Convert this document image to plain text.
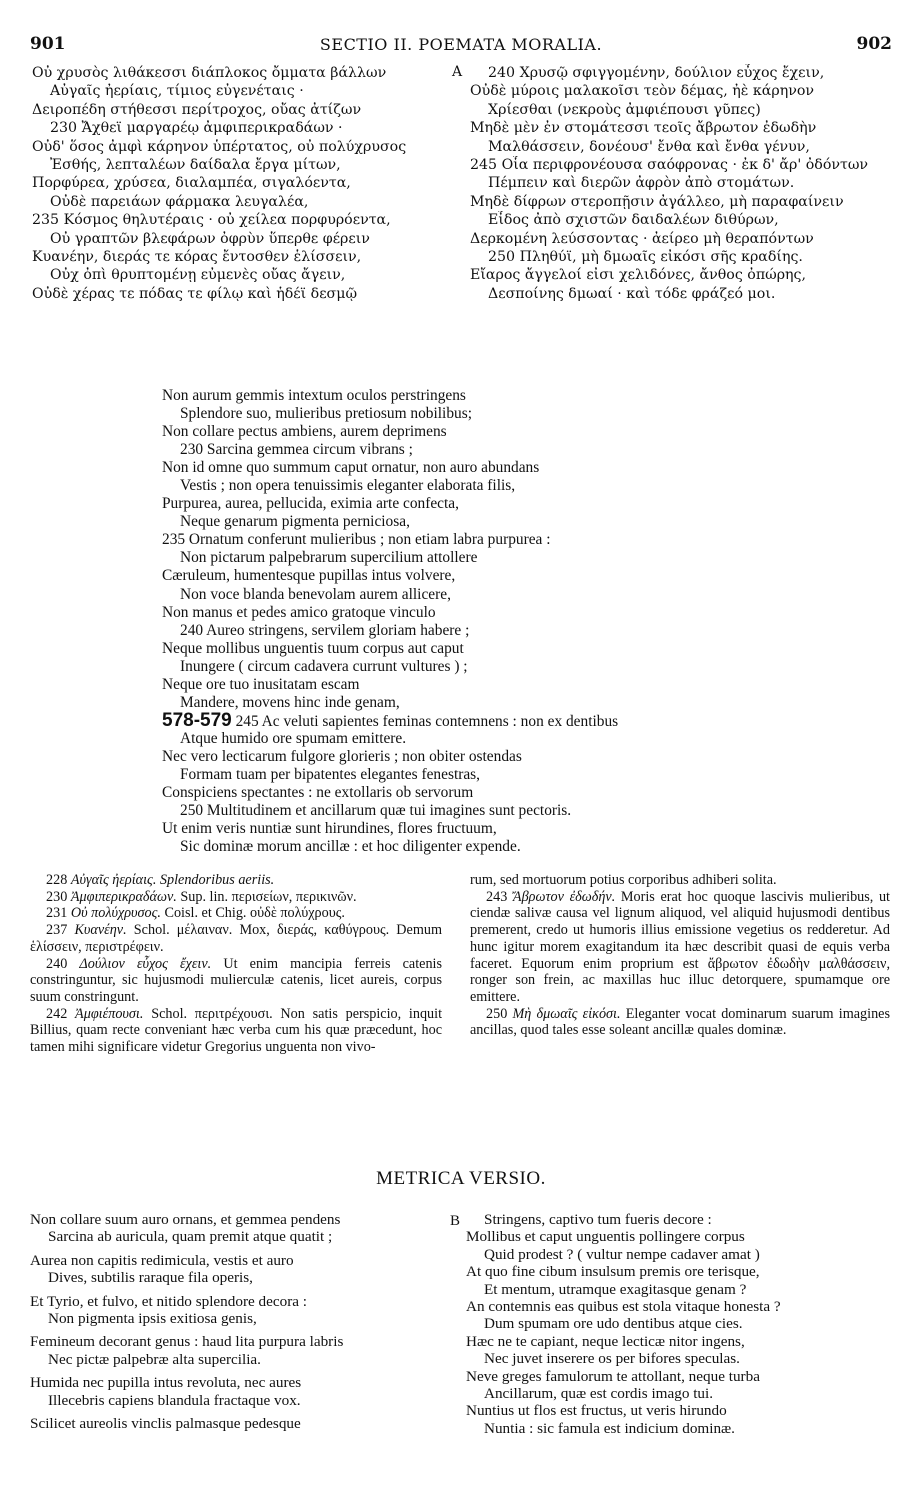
901	SECTIO II. POEMATA MORALIA.	902
Οὐ χρυσὸς λιθάκεσσι διάπλοκος ὄμματα βάλλων
Αὐγαῖς ἠερίαις, τίμιος εὐγενέταις ·
Δειροπέδη στήθεσσι περίτροχος, οὔας ἀτίζων
230 Ἄχθεϊ μαργαρέῳ ἀμφιπερικραδάων ·
Οὐδ' ὅσος ἀμφὶ κάρηνον ὑπέρτατος, οὐ πολύχρυσος
Ἐσθής, λεπταλέων δαίδαλα ἔργα μίτων,
Πορφύρεα, χρύσεα, διαλαμπέα, σιγαλόεντα,
Οὐδὲ παρειάων φάρμακα λευγαλέα,
235 Κόσμος θηλυτέραις · οὐ χείλεα πορφυρόεντα,
Οὐ γραπτῶν βλεφάρων ὀφρὺν ὕπερθε φέρειν
Κυανέην, διεράς τε κόρας ἔντοσθεν ἑλίσσειν,
Οὐχ ὀπὶ θρυπτομένῃ εὐμενὲς οὔας ἄγειν,
Οὐδὲ χέρας τε πόδας τε φίλῳ καὶ ἡδέϊ δεσμῷ
A	240 Χρυσῷ σφιγγομένην, δούλιον εὖχος ἔχειν,
Οὐδὲ μύροις μαλακοῖσι τεὸν δέμας, ἠὲ κάρηνον
Χρίεσθαι (νεκροὺς ἀμφιέπουσι γῦπες)
Μηδὲ μὲν ἐν στομάτεσσι τεοῖς ἄβρωτον ἐδωδὴν
Μαλθάσσειν, δονέουσ' ἔνθα καὶ ἔνθα γένυν,
245 Οἷα περιφρονέουσα σαόφρονας · ἐκ δ' ἄρ' ὀδόντων
Πέμπειν καὶ διερῶν ἀφρὸν ἀπὸ στομάτων.
Μηδὲ δίφρων στεροπῇσιν ἀγάλλεο, μὴ παραφαίνειν
Εἶδος ἀπὸ σχιστῶν δαιδαλέων διθύρων,
Δερκομένη λεύσσοντας · ἀείρεο μὴ θεραπόντων
250 Πληθύϊ, μὴ δμωαῖς εἰκόσι σῆς κραδίης.
Εἴαρος ἄγγελοί εἰσι χελιδόνες, ἄνθος ὀπώρης,
Δεσποίνης δμωαί · καὶ τόδε φράζεό μοι.
Non aurum gemmis intextum oculos perstringens
Splendore suo, mulieribus pretiosum nobilibus;
Non collare pectus ambiens, aurem deprimens
230 Sarcina gemmea circum vibrans ;
Non id omne quo summum caput ornatur, non auro abundans
Vestis ; non opera tenuissimis eleganter elaborata filis,
Purpurea, aurea, pellucida, eximia arte confecta,
Neque genarum pigmenta perniciosa,
235 Ornatum conferunt mulieribus ; non etiam labra purpurea :
Non pictarum palpebrarum supercilium attollere
Cæruleum, humentesque pupillas intus volvere,
Non voce blanda benevolam aurem allicere,
Non manus et pedes amico gratoque vinculo
240 Aureo stringens, servilem gloriam habere ;
Neque mollibus unguentis tuum corpus aut caput
Inungere ( circum cadavera currunt vultures ) ;
Neque ore tuo inusitatam escam
Mandere, movens hinc inde genam,
578-579 245 Ac veluti sapientes feminas contemnens : non ex dentibus
Atque humido ore spumam emittere.
Nec vero lecticarum fulgore glorieris ; non obiter ostendas
Formam tuam per bipatentes elegantes fenestras,
Conspiciens spectantes : ne extollaris ob servorum
250 Multitudinem et ancillarum quæ tui imagines sunt pectoris.
Ut enim veris nuntiæ sunt hirundines, flores fructuum,
Sic dominæ morum ancillæ : et hoc diligenter expende.

228 Αὐγαῖς ἠερίαις. Splendoribus aeriis.

230 Ἀμφιπερικραδάων. Sup. lin. περισείων, περικινῶν.

231 Οὐ πολύχρυσος. Coisl. et Chig. οὐδὲ πολύχρους.

237 Κυανέην. Schol. μέλαιναν. Mox, διεράς, καθύγρους. Demum ἑλίσσειν, περιστρέφειν.

240 Δούλιον εὖχος ἔχειν. Ut enim mancipia ferreis catenis constringuntur, sic hujusmodi mulierculæ catenis, licet aureis, corpus suum constringunt.

242 Ἀμφιέπουσι. Schol. περιτρέχουσι. Non satis perspicio, inquit Billius, quam recte conveniant hæc verba cum his quæ præcedunt, hoc tamen mihi significare videtur Gregorius unguenta non vivo-

rum, sed mortuorum potius corporibus adhiberi solita.

243 Ἄβρωτον ἐδωδήν. Moris erat hoc quoque lascivis mulieribus, ut ciendæ salivæ causa vel lignum aliquod, vel aliquid hujusmodi dentibus premerent, credo ut humoris illius emissione vegetius os redderetur. Ad hunc igitur morem exagitandum ita hæc describit quasi de equis verba faceret. Equorum enim proprium est ἄβρωτον ἐδωδὴν μαλθάσσειν, ronger son frein, ac maxillas huc illuc detorquere, spumamque ore emittere.

250 Μὴ δμωαῖς εἰκόσι. Eleganter vocat dominarum suarum imagines ancillas, quod tales esse soleant ancillæ quales dominæ.

METRICA VERSIO.
Non collare suum auro ornans, et gemmea pendens
Sarcina ab auricula, quam premit atque quatit ;
Aurea non capitis redimicula, vestis et auro
Dives, subtilis raraque fila operis,
Et Tyrio, et fulvo, et nitido splendore decora :
Non pigmenta ipsis exitiosa genis,
Femineum decorant genus : haud lita purpura labris
Nec pictæ palpebræ alta supercilia.
Humida nec pupilla intus revoluta, nec aures
Illecebris capiens blandula fractaque vox.
Scilicet aureolis vinclis palmasque pedesque
B	Stringens, captivo tum fueris decore :
Mollibus et caput unguentis pollingere corpus
Quid prodest ? ( vultur nempe cadaver amat )
At quo fine cibum insulsum premis ore terisque,
Et mentum, utramque exagitasque genam ?
An contemnis eas quibus est stola vitaque honesta ?
Dum spumam ore udo dentibus atque cies.
Hæc ne te capiant, neque lecticæ nitor ingens,
Nec juvet inserere os per bifores speculas.
Neve greges famulorum te attollant, neque turba
Ancillarum, quæ est cordis imago tui.
Nuntius ut flos est fructus, ut veris hirundo
Nuntia : sic famula est indicium dominæ.
